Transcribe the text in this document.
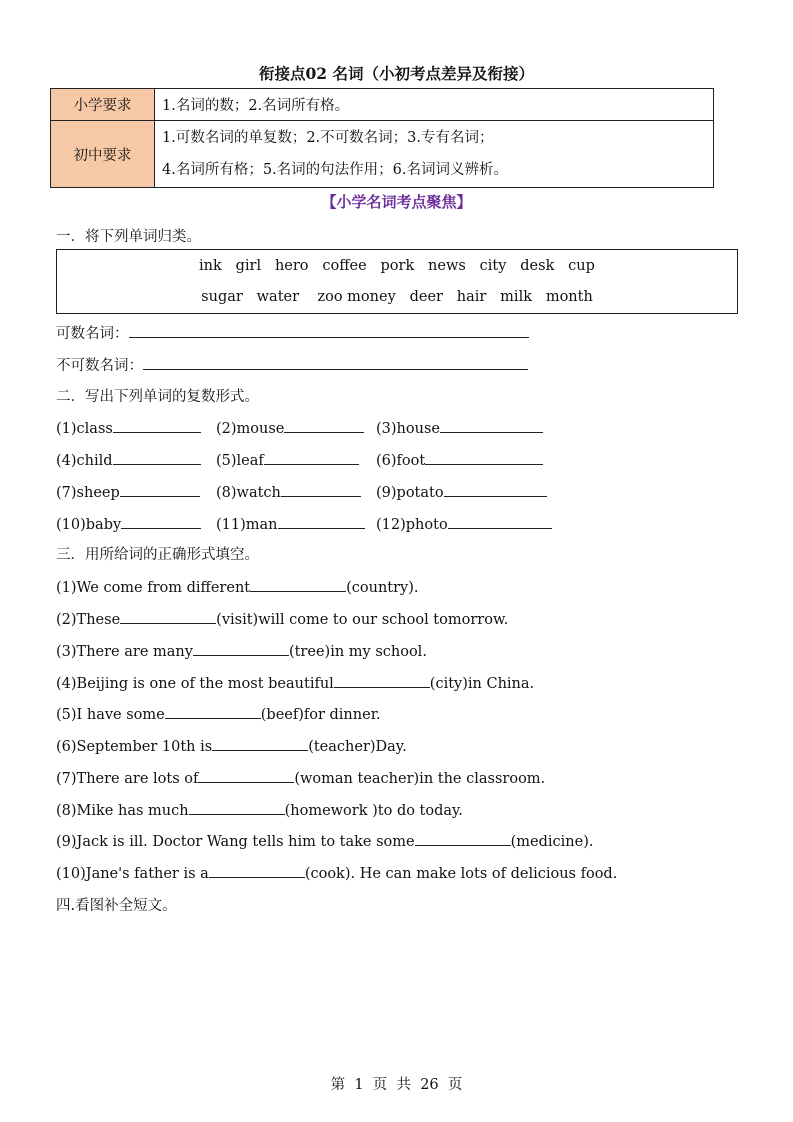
衔接点02 名词（小初考点差异及衔接）
小学要求	1.名词的数；2.名词所有格。
初中要求	1.可数名词的单复数；2.不可数名词；3.专有名词；
4.名词所有格；5.名词的句法作用；6.名词词义辨析。
【小学名词考点聚焦】
一．将下列单词归类。
ink   girl   hero   coffee   pork   news   city   desk   cup
sugar   water    zoo money   deer   hair   milk   month
可数名词：
不可数名词：
二．写出下列单词的复数形式。
(1)class	(2)mouse	(3)house
(4)child	(5)leaf	(6)foot
(7)sheep	(8)watch	(9)potato
(10)baby	(11)man	(12)photo
三．用所给词的正确形式填空。
(1)We come from different	(country).
(2)These	(visit)will come to our school tomorrow.
(3)There are many	(tree)in my school.
(4)Beijing is one of the most beautiful	(city)in China.
(5)I have some	(beef)for dinner.
(6)September 10th is	(teacher)Day.
(7)There are lots of	(woman teacher)in the classroom.
(8)Mike has much	(homework )to do today.
(9)Jack is ill. Doctor Wang tells him to take some	(medicine).
(10)Jane's father is a	(cook). He can make lots of delicious food.
四.看图补全短文。
第  1  页  共  26  页
